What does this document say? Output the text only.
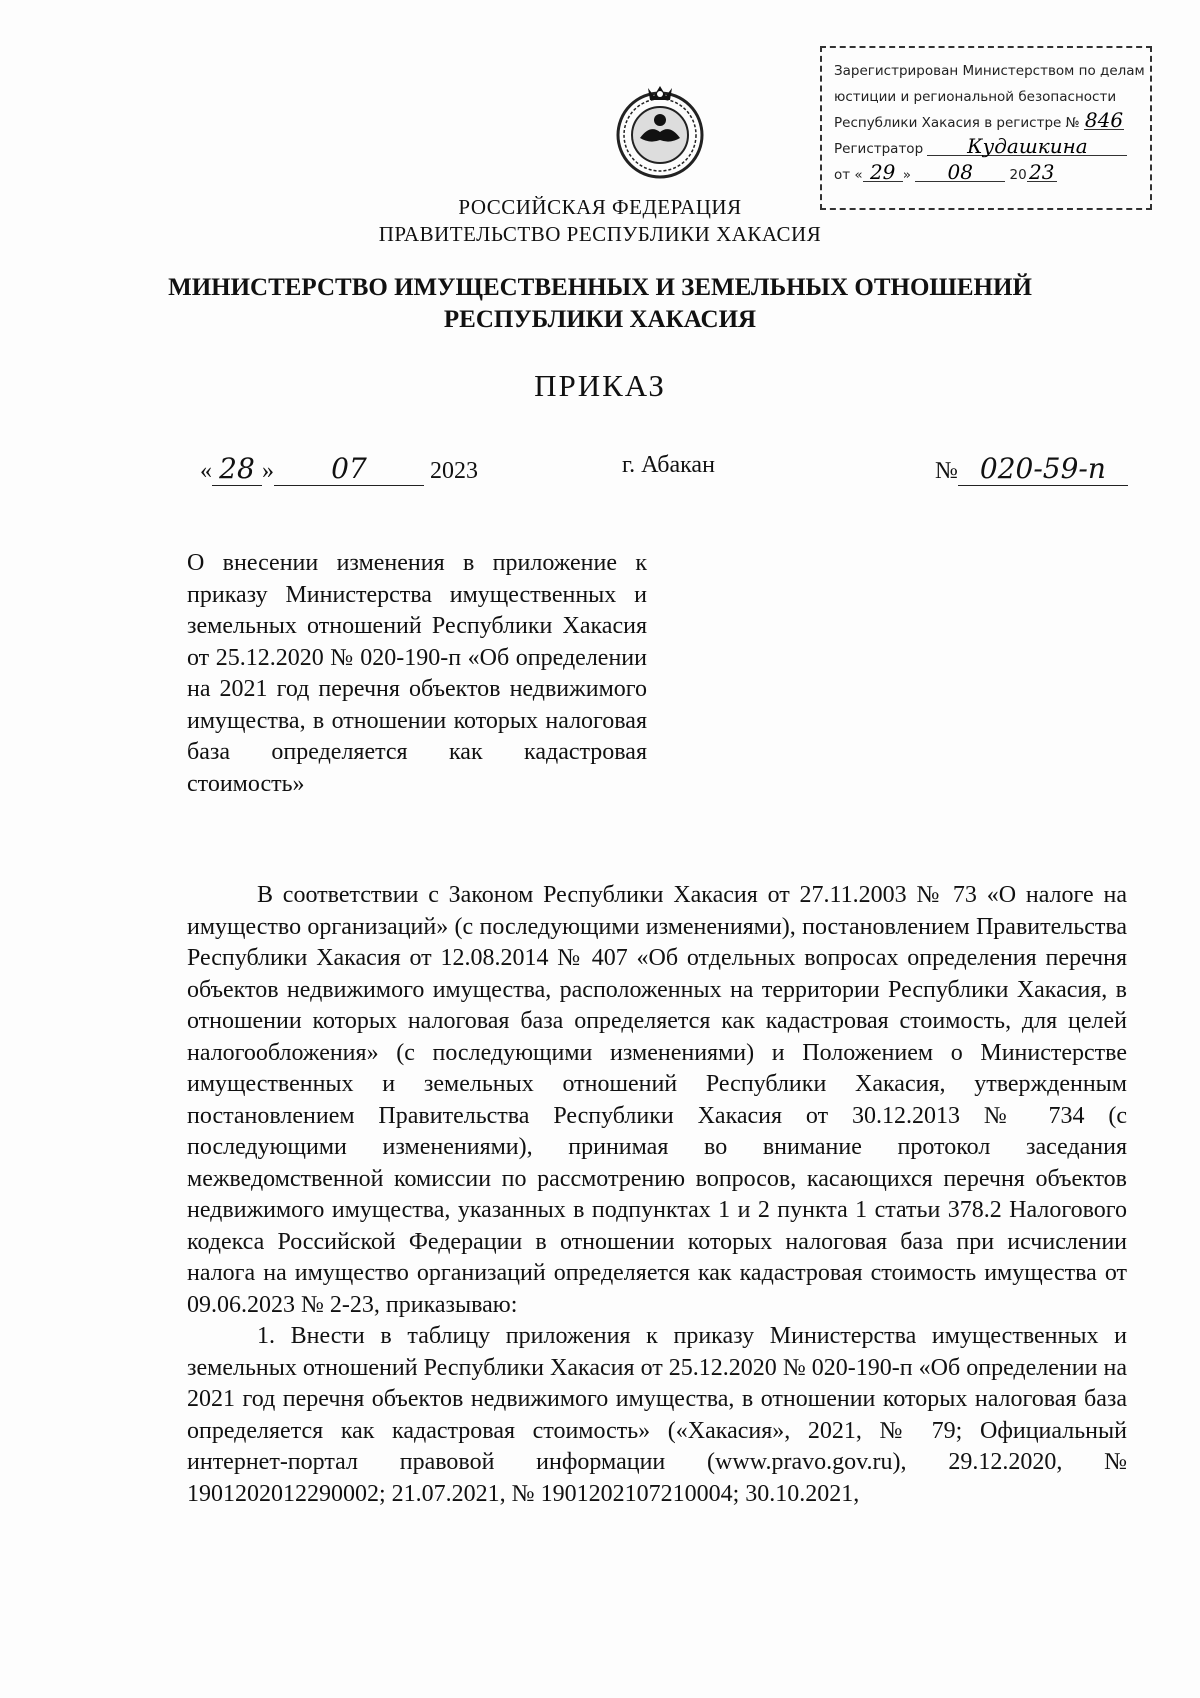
Зарегистрирован Министерством по делам
юстиции и региональной безопасности
Республики Хакасия в регистре № 846
Регистратор Кудашкина
от « 29 » 08	20 23
РОССИЙСКАЯ ФЕДЕРАЦИЯ
ПРАВИТЕЛЬСТВО РЕСПУБЛИКИ ХАКАСИЯ
МИНИСТЕРСТВО ИМУЩЕСТВЕННЫХ И ЗЕМЕЛЬНЫХ ОТНОШЕНИЙ
РЕСПУБЛИКИ ХАКАСИЯ
ПРИКАЗ
« 28 » 07	2023	г. Абакан	№ 020-59-п
О внесении изменения в приложение к приказу Министерства имущественных и земельных отношений Республики Хакасия от 25.12.2020 № 020-190-п «Об определении на 2021 год перечня объектов недвижимого имущества, в отношении которых налоговая база определяется как кадастровая стоимость»

В соответствии с Законом Республики Хакасия от 27.11.2003 № 73 «О налоге на имущество организаций» (с последующими изменениями), постановлением Правительства Республики Хакасия от 12.08.2014 № 407 «Об отдельных вопросах определения перечня объектов недвижимого имущества, расположенных на территории Республики Хакасия, в отношении которых налоговая база определяется как кадастровая стоимость, для целей налогообложения» (с последующими изменениями) и Положением о Министерстве имущественных и земельных отношений Республики Хакасия, утвержденным постановлением Правительства Республики Хакасия от 30.12.2013 № 734 (с последующими изменениями), принимая во внимание протокол заседания межведомственной комиссии по рассмотрению вопросов, касающихся перечня объектов недвижимого имущества, указанных в подпунктах 1 и 2 пункта 1 статьи 378.2 Налогового кодекса Российской Федерации в отношении которых налоговая база при исчислении налога на имущество организаций определяется как кадастровая стоимость имущества от 09.06.2023 № 2-23, приказываю:

1. Внести в таблицу приложения к приказу Министерства имущественных и земельных отношений Республики Хакасия от 25.12.2020 № 020-190-п «Об определении на 2021 год перечня объектов недвижимого имущества, в отношении которых налоговая база определяется как кадастровая стоимость» («Хакасия», 2021, № 79; Официальный интернет-портал правовой информации (www.pravo.gov.ru), 29.12.2020, № 1901202012290002; 21.07.2021, № 1901202107210004; 30.10.2021,
